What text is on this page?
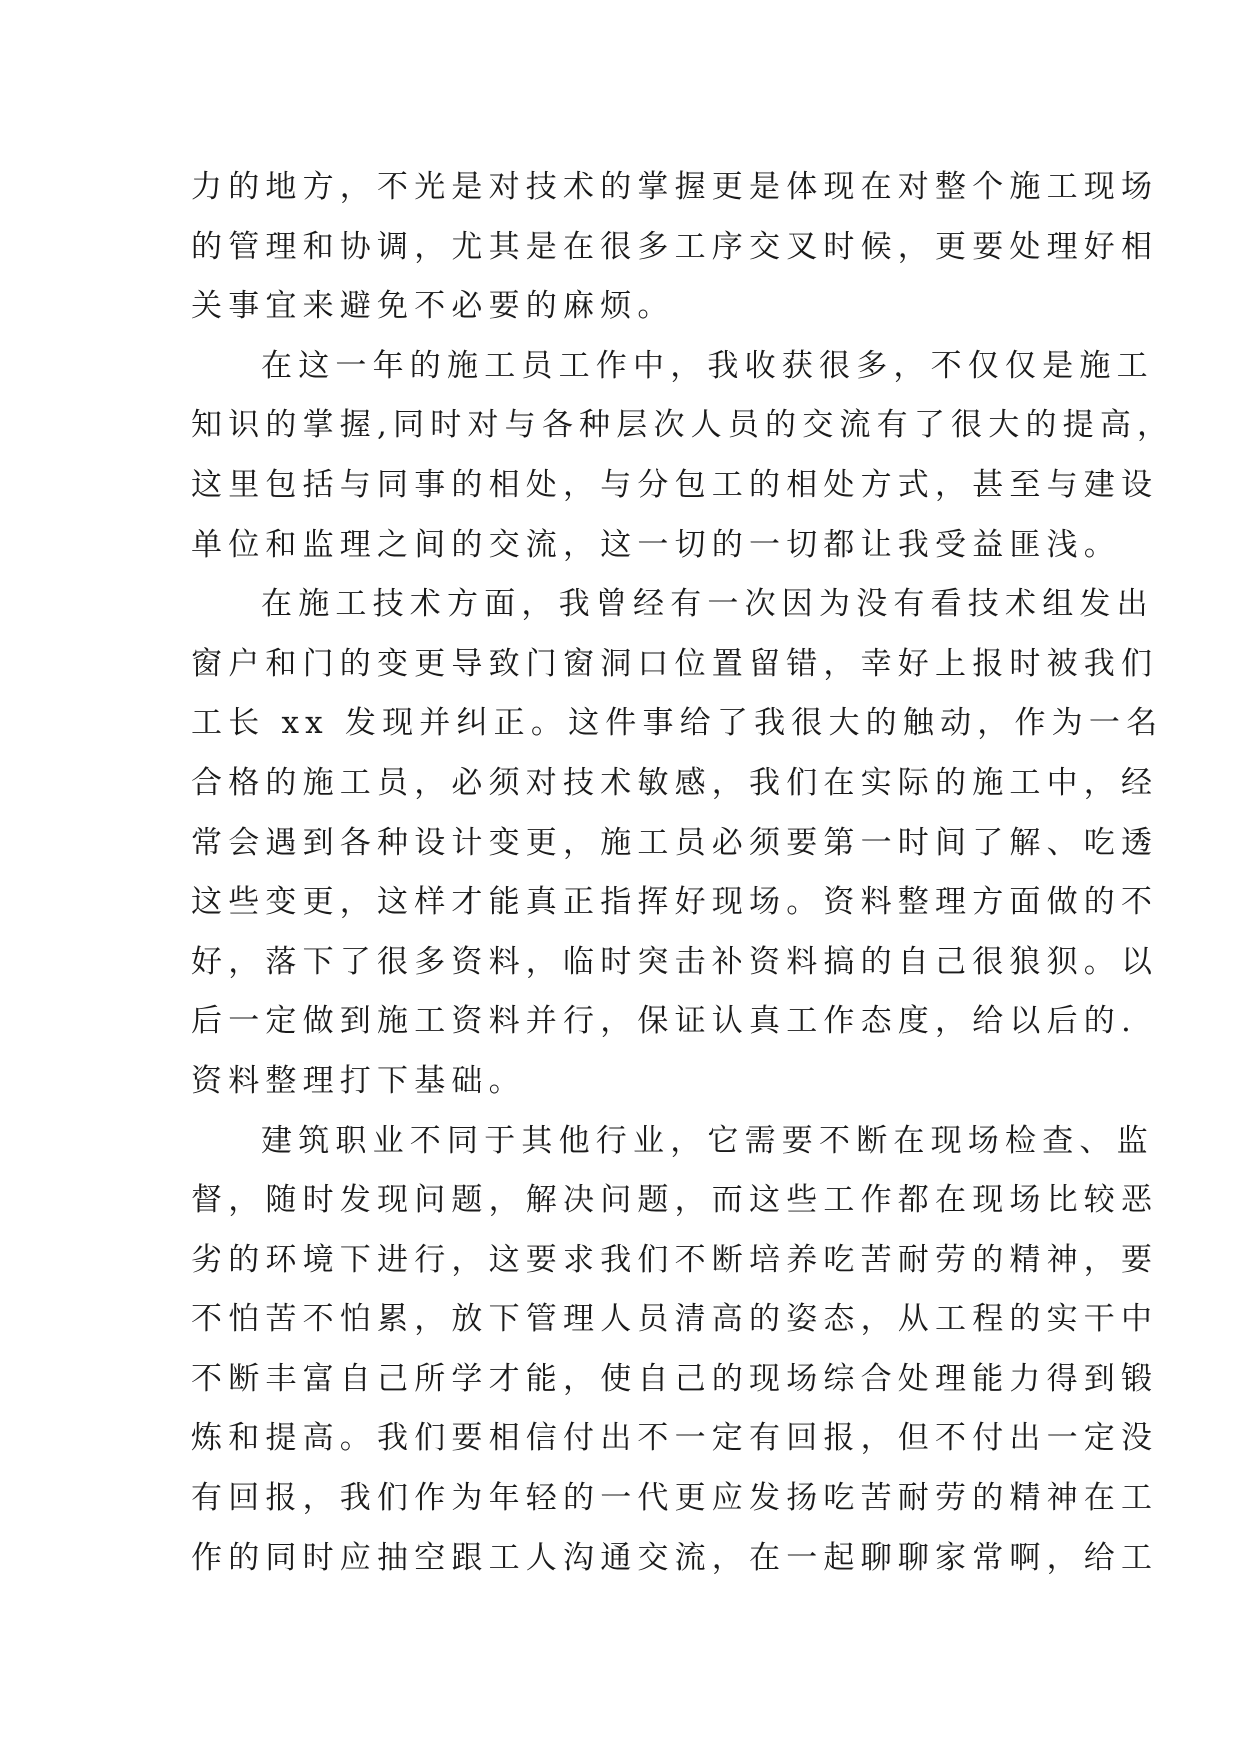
力的地方，不光是对技术的掌握更是体现在对整个施工现场
的管理和协调，尤其是在很多工序交叉时候，更要处理好相
关事宜来避免不必要的麻烦。
在这一年的施工员工作中，我收获很多，不仅仅是施工
知识的掌握,同时对与各种层次人员的交流有了很大的提高，
这里包括与同事的相处，与分包工的相处方式，甚至与建设
单位和监理之间的交流，这一切的一切都让我受益匪浅。
在施工技术方面，我曾经有一次因为没有看技术组发出
窗户和门的变更导致门窗洞口位置留错，幸好上报时被我们
工长 xx 发现并纠正。这件事给了我很大的触动，作为一名
合格的施工员，必须对技术敏感，我们在实际的施工中，经
常会遇到各种设计变更，施工员必须要第一时间了解、吃透
这些变更，这样才能真正指挥好现场。资料整理方面做的不
好，落下了很多资料，临时突击补资料搞的自己很狼狈。以
后一定做到施工资料并行，保证认真工作态度，给以后的.
资料整理打下基础。
建筑职业不同于其他行业，它需要不断在现场检查、监
督，随时发现问题，解决问题，而这些工作都在现场比较恶
劣的环境下进行，这要求我们不断培养吃苦耐劳的精神，要
不怕苦不怕累，放下管理人员清高的姿态，从工程的实干中
不断丰富自己所学才能，使自己的现场综合处理能力得到锻
炼和提高。我们要相信付出不一定有回报，但不付出一定没
有回报，我们作为年轻的一代更应发扬吃苦耐劳的精神在工
作的同时应抽空跟工人沟通交流，在一起聊聊家常啊，给工
